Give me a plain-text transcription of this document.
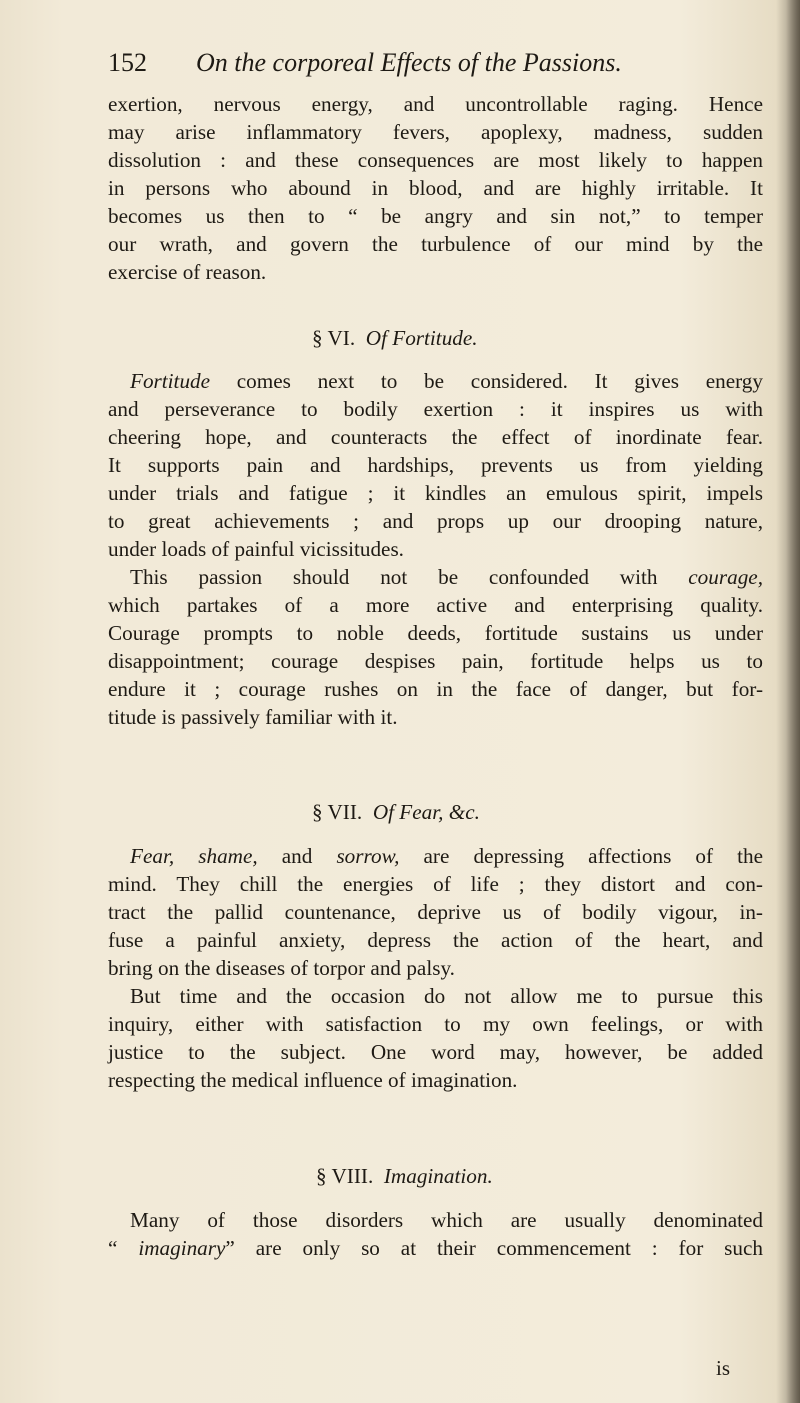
152 On the corporeal Effects of the Passions.
exertion, nervous energy, and uncontrollable raging. Hence
may arise inflammatory fevers, apoplexy, madness, sudden
dissolution : and these consequences are most likely to happen
in persons who abound in blood, and are highly irritable. It
becomes us then to “ be angry and sin not,” to temper
our wrath, and govern the turbulence of our mind by the
exercise of reason.
§ VI. Of Fortitude.
Fortitude comes next to be considered. It gives energy
and perseverance to bodily exertion : it inspires us with
cheering hope, and counteracts the effect of inordinate fear.
It supports pain and hardships, prevents us from yielding
under trials and fatigue ; it kindles an emulous spirit, impels
to great achievements ; and props up our drooping nature,
under loads of painful vicissitudes.
This passion should not be confounded with courage,
which partakes of a more active and enterprising quality.
Courage prompts to noble deeds, fortitude sustains us under
disappointment; courage despises pain, fortitude helps us to
endure it ; courage rushes on in the face of danger, but for-
titude is passively familiar with it.
§ VII. Of Fear, &c.
Fear, shame, and sorrow, are depressing affections of the
mind. They chill the energies of life ; they distort and con-
tract the pallid countenance, deprive us of bodily vigour, in-
fuse a painful anxiety, depress the action of the heart, and
bring on the diseases of torpor and palsy.
But time and the occasion do not allow me to pursue this
inquiry, either with satisfaction to my own feelings, or with
justice to the subject. One word may, however, be added
respecting the medical influence of imagination.
§ VIII. Imagination.
Many of those disorders which are usually denominated
“ imaginary” are only so at their commencement : for such
is
